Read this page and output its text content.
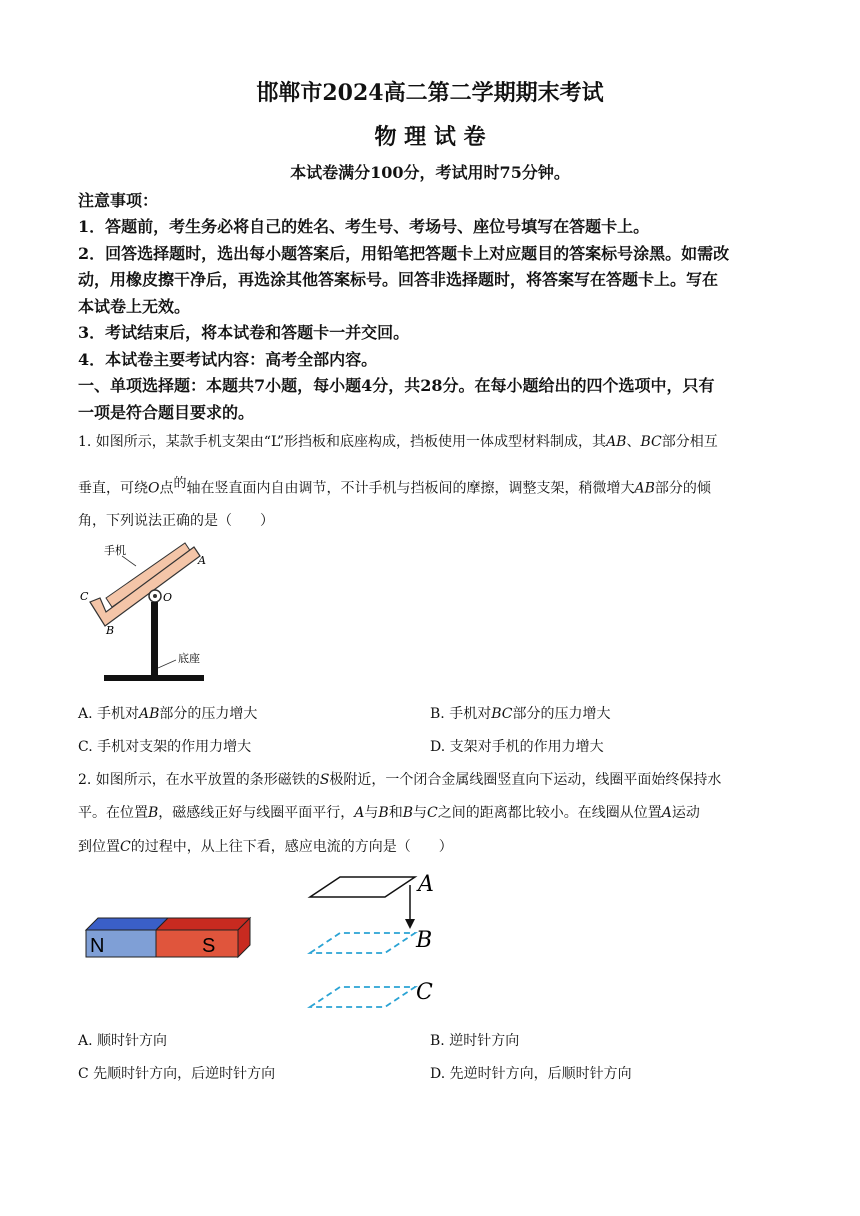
邯郸市2024高二第二学期期末考试
物 理 试 卷
本试卷满分100分，考试用时75分钟。
注意事项：
1．答题前，考生务必将自己的姓名、考生号、考场号、座位号填写在答题卡上。
2．回答选择题时，选出每小题答案后，用铅笔把答题卡上对应题目的答案标号涂黑。如需改
动，用橡皮擦干净后，再选涂其他答案标号。回答非选择题时，将答案写在答题卡上。写在
本试卷上无效。
3．考试结束后，将本试卷和答题卡一并交回。
4．本试卷主要考试内容：高考全部内容。
一、单项选择题：本题共7小题，每小题4分，共28分。在每小题给出的四个选项中，只有
一项是符合题目要求的。
1. 如图所示，某款手机支架由“L”形挡板和底座构成，挡板使用一体成型材料制成，其AB、BC部分相互
垂直，可绕O点$^的$轴在竖直面内自由调节，不计手机与挡板间的摩擦，调整支架，稍微增大AB部分的倾
角，下列说法正确的是（　　）
手机
A
B
C	O
底座
A. 手机对AB部分的压力增大	B. 手机对BC部分的压力增大
C. 手机对支架的作用力增大	D. 支架对手机的作用力增大
2. 如图所示，在水平放置的条形磁铁的S极附近，一个闭合金属线圈竖直向下运动，线圈平面始终保持水
平。在位置B，磁感线正好与线圈平面平行，A与B和B与C之间的距离都比较小。在线圈从位置A运动
到位置C的过程中，从上往下看，感应电流的方向是（　　）
N	S
A
B
C
A. 顺时针方向	B. 逆时针方向
C 先顺时针方向，后逆时针方向	D. 先逆时针方向，后顺时针方向
